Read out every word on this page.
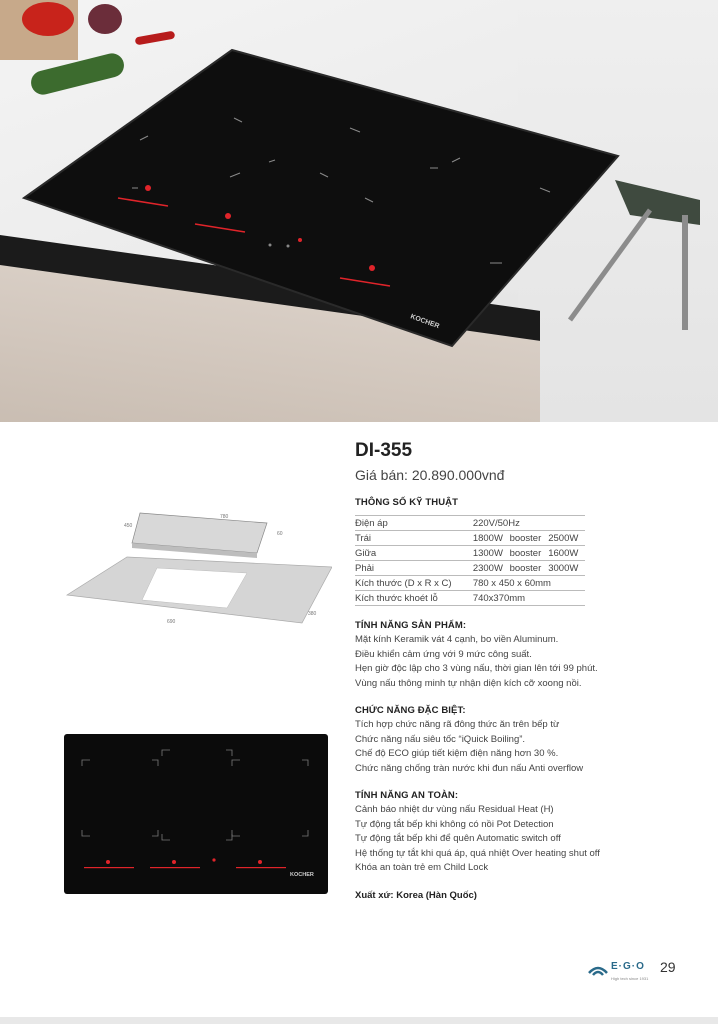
KOCHER
780
450
60
690
380
KOCHER
DI-355
Giá bán: 20.890.000vnđ
THÔNG SỐ KỸ THUẬT
Điện áp	220V/50Hz		
Trái	1800W	booster	2500W
Giữa	1300W	booster	1600W
Phải	2300W	booster	3000W
Kích thước (D x R x C)	780 x 450 x 60mm		
Kích thước khoét lỗ	740x370mm		
TÍNH NĂNG SẢN PHẨM:
Mặt kính Keramik vát 4 cạnh, bo viền Aluminum.
Điều khiển cảm ứng với 9 mức công suất.
Hẹn giờ độc lập cho 3 vùng nấu, thời gian lên tới 99 phút.
Vùng nấu thông minh tự nhận diện kích cỡ xoong nồi.
CHỨC NĂNG ĐẶC BIỆT:
Tích hợp chức năng rã đông thức ăn trên bếp từ
Chức năng nấu siêu tốc “iQuick Boiling”.
Chế độ ECO giúp tiết kiệm điện năng hơn 30 %.
Chức năng chống tràn nước khi đun nấu Anti overflow
TÍNH NĂNG AN TOÀN:
Cảnh báo nhiệt dư vùng nấu Residual Heat (H)
Tự động tắt bếp khi không có nồi Pot Detection
Tự động tắt bếp khi để quên Automatic switch off
Hệ thống tự tắt khi quá áp, quá nhiệt Over heating shut off
Khóa an toàn trẻ em Child Lock
Xuất xứ: Korea (Hàn Quốc)
E·G·O
High tech since 1931
29
